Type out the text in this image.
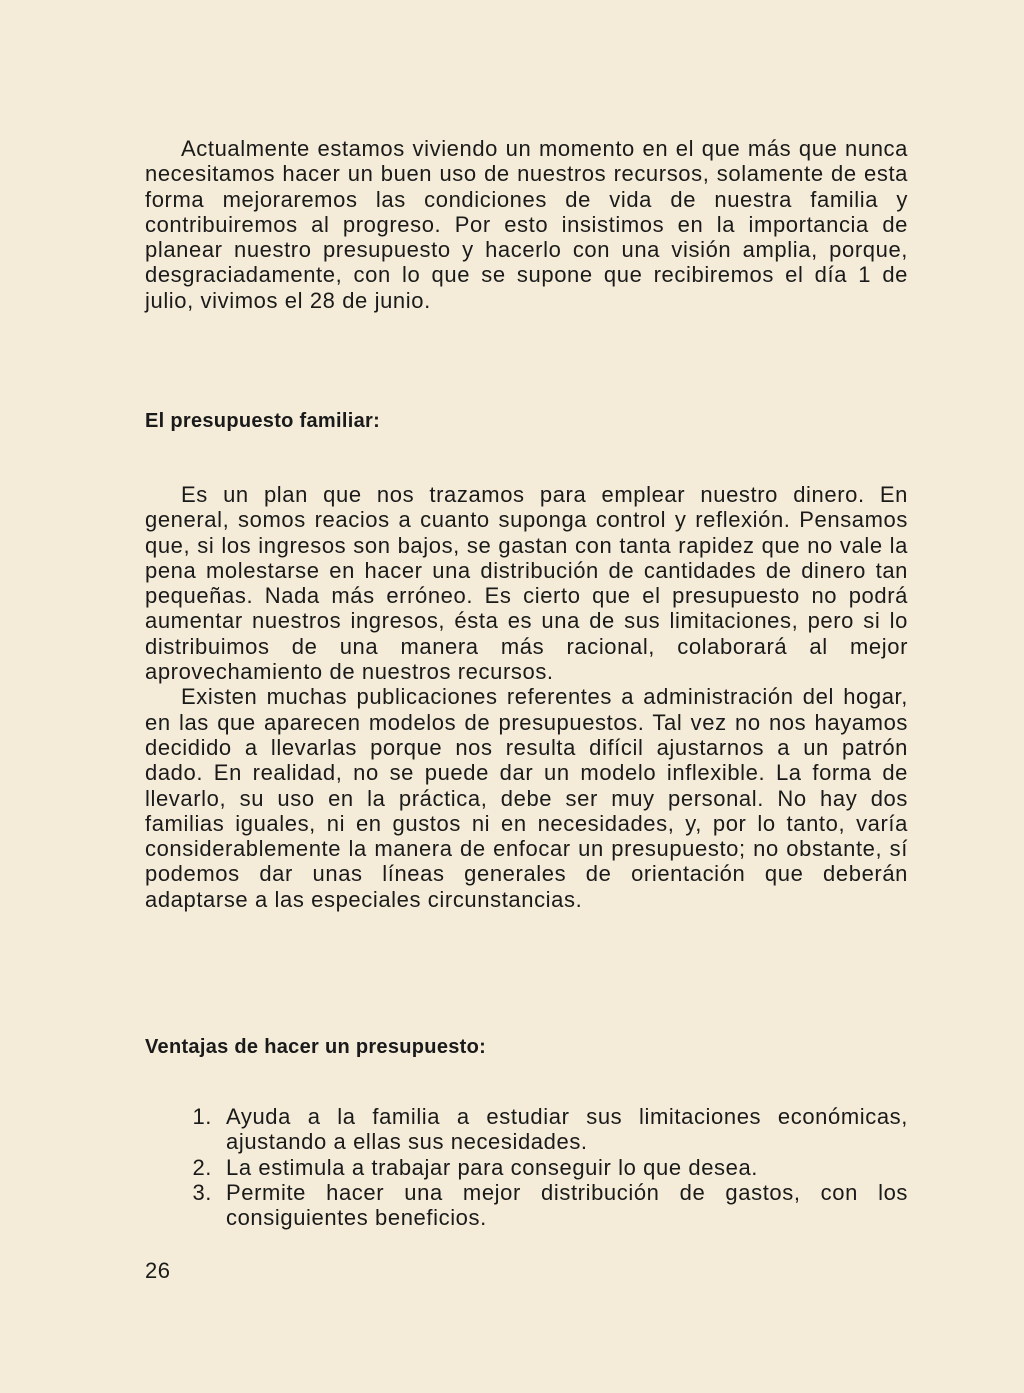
Actualmente estamos viviendo un momento en el que más que nunca necesitamos hacer un buen uso de nuestros recursos, solamente de esta forma mejoraremos las condiciones de vida de nuestra familia y contribuiremos al progreso. Por esto insistimos en la importancia de planear nuestro presupuesto y hacerlo con una visión amplia, porque, desgraciadamente, con lo que se supone que recibiremos el día 1 de julio, vivimos el 28 de junio.

El presupuesto familiar:

Es un plan que nos trazamos para emplear nuestro dinero. En general, somos reacios a cuanto suponga control y reflexión. Pensamos que, si los ingresos son bajos, se gastan con tanta rapidez que no vale la pena molestarse en hacer una distribución de cantidades de dinero tan pequeñas. Nada más erróneo. Es cierto que el presupuesto no podrá aumentar nuestros ingresos, ésta es una de sus limitaciones, pero si lo distribuimos de una manera más racional, colaborará al mejor aprovechamiento de nuestros recursos.

Existen muchas publicaciones referentes a administración del hogar, en las que aparecen modelos de presupuestos. Tal vez no nos hayamos decidido a llevarlas porque nos resulta difícil ajustarnos a un patrón dado. En realidad, no se puede dar un modelo inflexible. La forma de llevarlo, su uso en la práctica, debe ser muy personal. No hay dos familias iguales, ni en gustos ni en necesidades, y, por lo tanto, varía considerablemente la manera de enfocar un presupuesto; no obstante, sí podemos dar unas líneas generales de orientación que deberán adaptarse a las especiales circunstancias.

Ventajas de hacer un presupuesto:
1. Ayuda a la familia a estudiar sus limitaciones económicas, ajustando a ellas sus necesidades.
2. La estimula a trabajar para conseguir lo que desea.
3. Permite hacer una mejor distribución de gastos, con los consiguientes beneficios.
26
